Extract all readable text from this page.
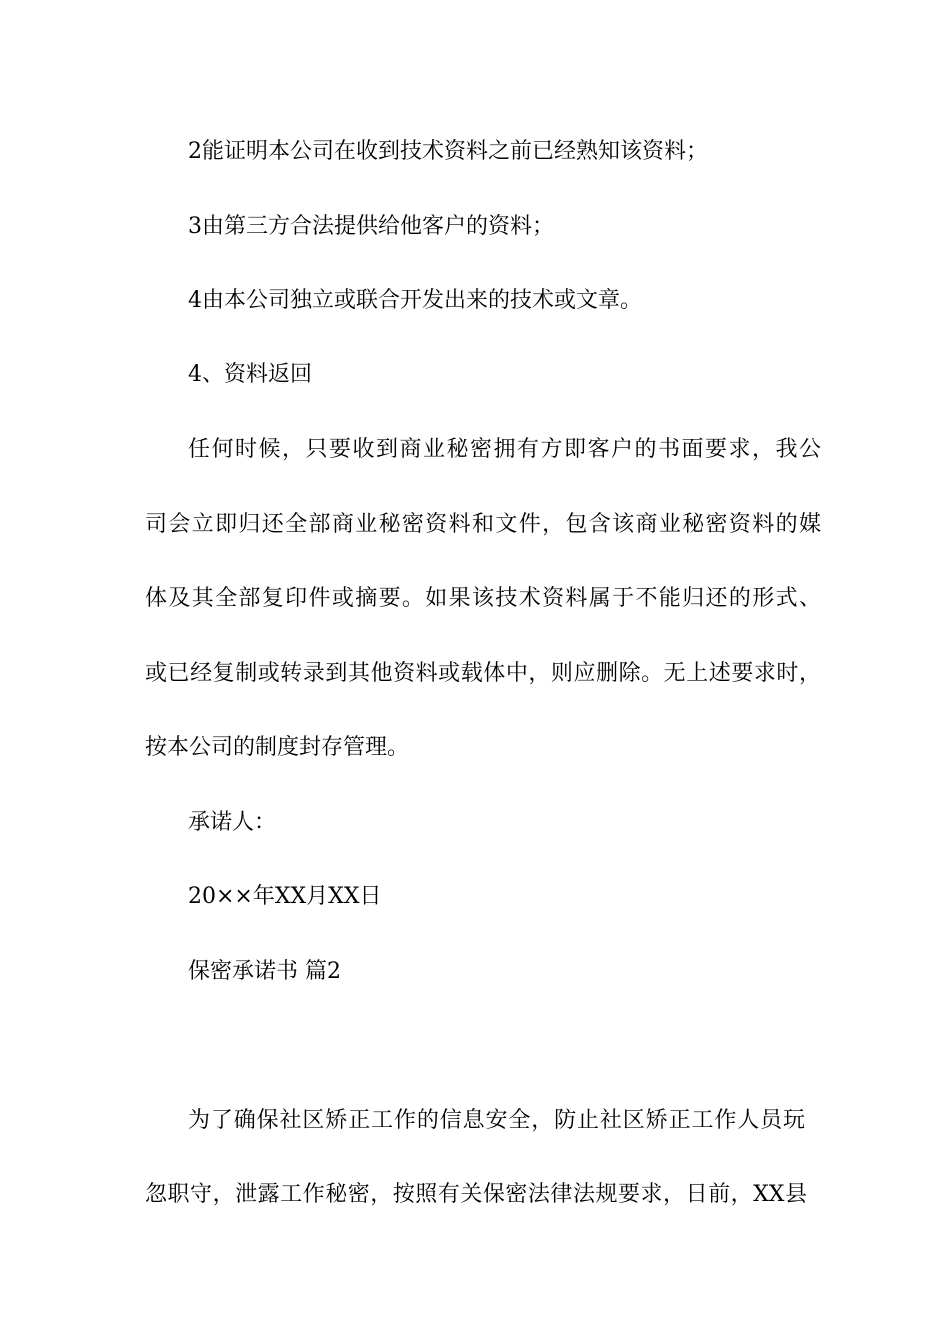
2能证明本公司在收到技术资料之前已经熟知该资料；
3由第三方合法提供给他客户的资料；
4由本公司独立或联合开发出来的技术或文章。
4、资料返回
任何时候，只要收到商业秘密拥有方即客户的书面要求，我公
司会立即归还全部商业秘密资料和文件，包含该商业秘密资料的媒
体及其全部复印件或摘要。如果该技术资料属于不能归还的形式、
或已经复制或转录到其他资料或载体中，则应删除。无上述要求时，
按本公司的制度封存管理。
承诺人：
20××年XX月XX日
保密承诺书 篇2
为了确保社区矫正工作的信息安全，防止社区矫正工作人员玩
忽职守，泄露工作秘密，按照有关保密法律法规要求，日前，XX县
